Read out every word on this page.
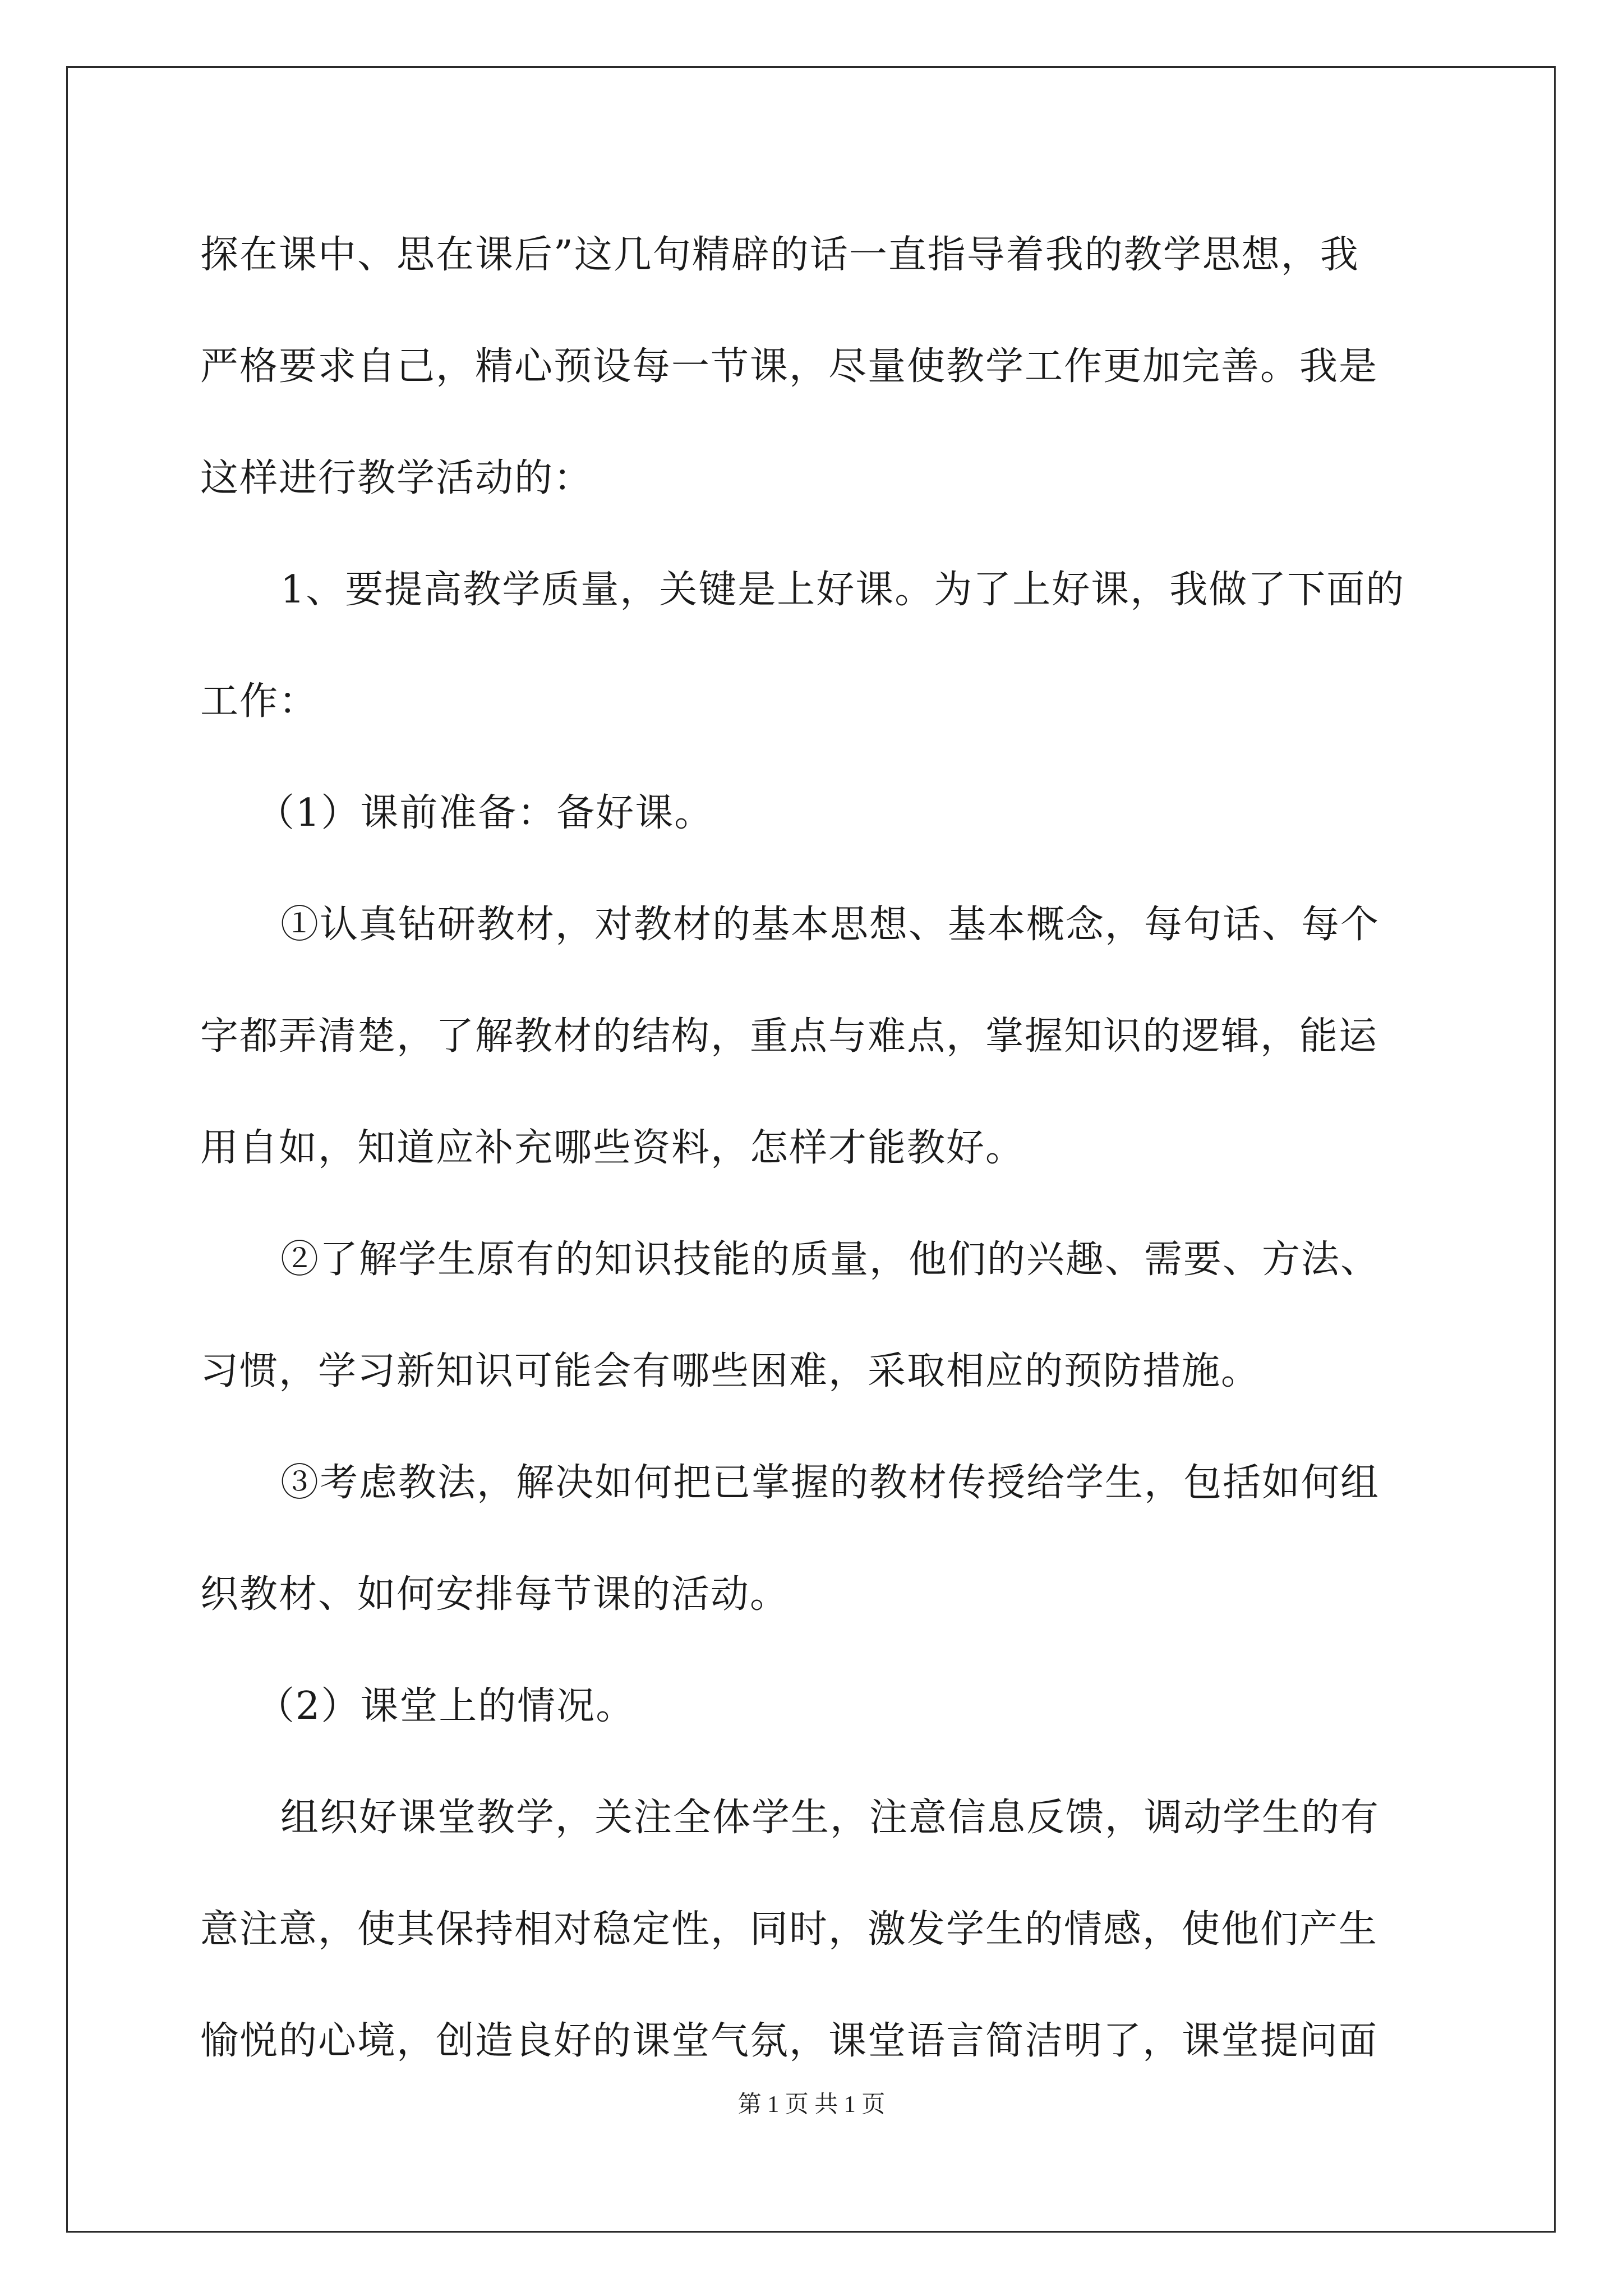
探在课中、思在课后”这几句精辟的话一直指导着我的教学思想，我
严格要求自己，精心预设每一节课，尽量使教学工作更加完善。我是
这样进行教学活动的：
1、要提高教学质量，关键是上好课。为了上好课，我做了下面的
工作：
（1）课前准备：备好课。
①认真钻研教材，对教材的基本思想、基本概念，每句话、每个
字都弄清楚，了解教材的结构，重点与难点，掌握知识的逻辑，能运
用自如，知道应补充哪些资料，怎样才能教好。
②了解学生原有的知识技能的质量，他们的兴趣、需要、方法、
习惯，学习新知识可能会有哪些困难，采取相应的预防措施。
③考虑教法，解决如何把已掌握的教材传授给学生，包括如何组
织教材、如何安排每节课的活动。
（2）课堂上的情况。
组织好课堂教学，关注全体学生，注意信息反馈，调动学生的有
意注意，使其保持相对稳定性，同时，激发学生的情感，使他们产生
愉悦的心境，创造良好的课堂气氛，课堂语言简洁明了，课堂提问面
第 1 页 共 1 页
